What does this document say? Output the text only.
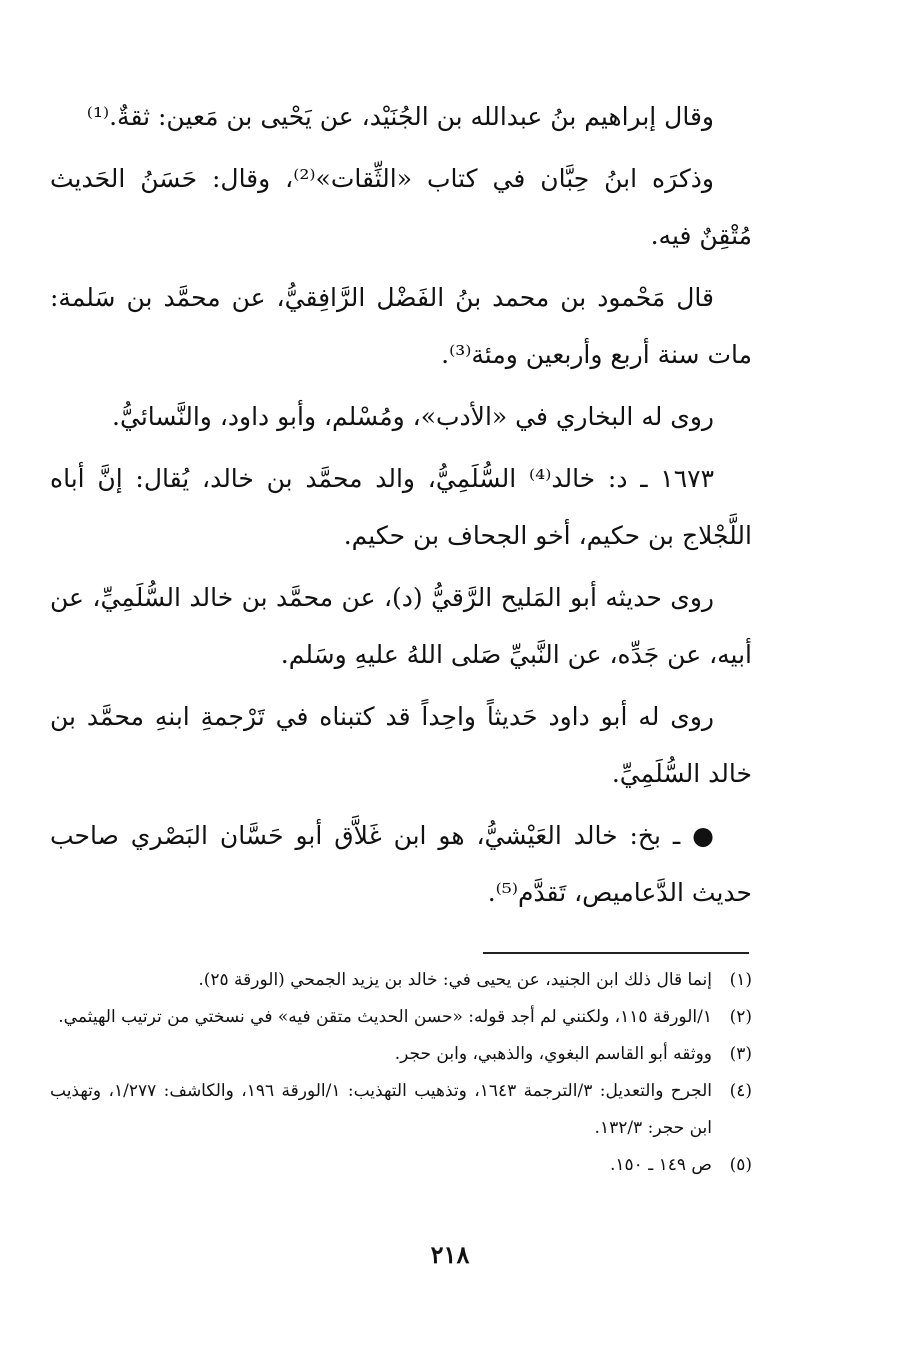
وقال إبراهيم بنُ عبدالله بن الجُنَيْد، عن يَحْيى بن مَعين: ثقةٌ.⁽¹⁾

وذكرَه ابنُ حِبَّان في كتاب «الثِّقات»⁽²⁾، وقال: حَسَنُ الحَديث مُتْقِنٌ فيه.

قال مَحْمود بن محمد بنُ الفَضْل الرَّافِقيُّ، عن محمَّد بن سَلمة: مات سنة أربع وأربعين ومئة⁽³⁾.

روى له البخاري في «الأدب»، ومُسْلم، وأبو داود، والنَّسائيُّ.

١٦٧٣ ـ د: خالد⁽⁴⁾ السُّلَمِيُّ، والد محمَّد بن خالد، يُقال: إنَّ أباه اللَّجْلاج بن حكيم، أخو الجحاف بن حكيم.

روى حديثه أبو المَليح الرَّقيُّ (د)، عن محمَّد بن خالد السُّلَمِيِّ، عن أبيه، عن جَدِّه، عن النَّبيِّ صَلى اللهُ عليهِ وسَلم.

روى له أبو داود حَديثاً واحِداً قد كتبناه في تَرْجمةِ ابنهِ محمَّد بن خالد السُّلَمِيِّ.

● ـ بخ: خالد العَيْشيُّ، هو ابن غَلاَّق أبو حَسَّان البَصْري صاحب حديث الدَّعاميص، تَقدَّم⁽⁵⁾.

(١)
إنما قال ذلك ابن الجنيد، عن يحيى في: خالد بن يزيد الجمحي (الورقة ٢٥).
(٢)
١/الورقة ١١٥، ولكنني لم أجد قوله: «حسن الحديث متقن فيه» في نسختي من ترتيب الهيثمي.
(٣)
ووثقه أبو القاسم البغوي، والذهبي، وابن حجر.
(٤)
الجرح والتعديل: ٣/الترجمة ١٦٤٣، وتذهيب التهذيب: ١/الورقة ١٩٦، والكاشف: ١/٢٧٧، وتهذيب ابن حجر: ١٣٢/٣.
(٥)
ص ١٤٩ ـ ١٥٠.
٢١٨
